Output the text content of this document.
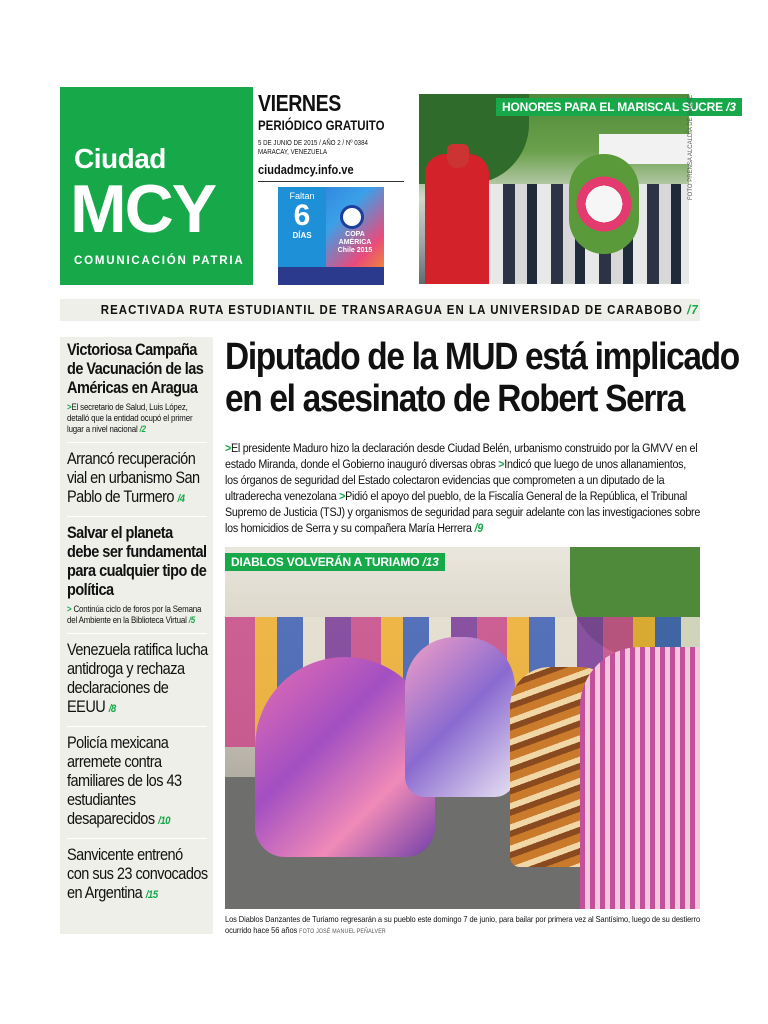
Ciudad
MCY
COMUNICACIÓN PATRIA
VIERNES
PERIÓDICO GRATUITO
5 DE JUNIO DE 2015 / AÑO 2 / Nº 0384
MARACAY, VENEZUELA
ciudadmcy.info.ve
Faltan
6
DÍAS	COPA AMÉRICA Chile 2015
HONORES PARA EL MARISCAL SUCRE /3
FOTO PRENSA ALCALDÍA DE SUCRE
REACTIVADA RUTA ESTUDIANTIL DE TRANSARAGUA EN LA UNIVERSIDAD DE CARABOBO /7
Victoriosa Campaña de Vacunación de las Américas en Aragua
>El secretario de Salud, Luis López, detalló que la entidad ocupó el primer lugar a nivel nacional /2
Arrancó recuperación vial en urbanismo San Pablo de Turmero /4
Salvar el planeta debe ser fundamental para cualquier tipo de política
> Continúa ciclo de foros por la Semana del Ambiente en la Biblioteca Virtual /5
Venezuela ratifica lucha antidroga y rechaza declaraciones de EEUU /8
Policía mexicana arremete contra familiares de los 43 estudiantes desaparecidos /10
Sanvicente entrenó con sus 23 convocados en Argentina /15
Diputado de la MUD está implicado
en el asesinato de Robert Serra
>El presidente Maduro hizo la declaración desde Ciudad Belén, urbanismo construido por la GMVV en el estado Miranda, donde el Gobierno inauguró diversas obras >Indicó que luego de unos allanamientos, los órganos de seguridad del Estado colectaron evidencias que comprometen a un diputado de la ultraderecha venezolana >Pidió el apoyo del pueblo, de la Fiscalía General de la República, el Tribunal Supremo de Justicia (TSJ) y organismos de seguridad para seguir adelante con las investigaciones sobre los homicidios de Serra y su compañera María Herrera /9
DIABLOS VOLVERÁN A TURIAMO /13
Los Diablos Danzantes de Turiamo regresarán a su pueblo este domingo 7 de junio, para bailar por primera vez al Santísimo, luego de su destierro ocurrido hace 56 años FOTO JOSÉ MANUEL PEÑALVER
